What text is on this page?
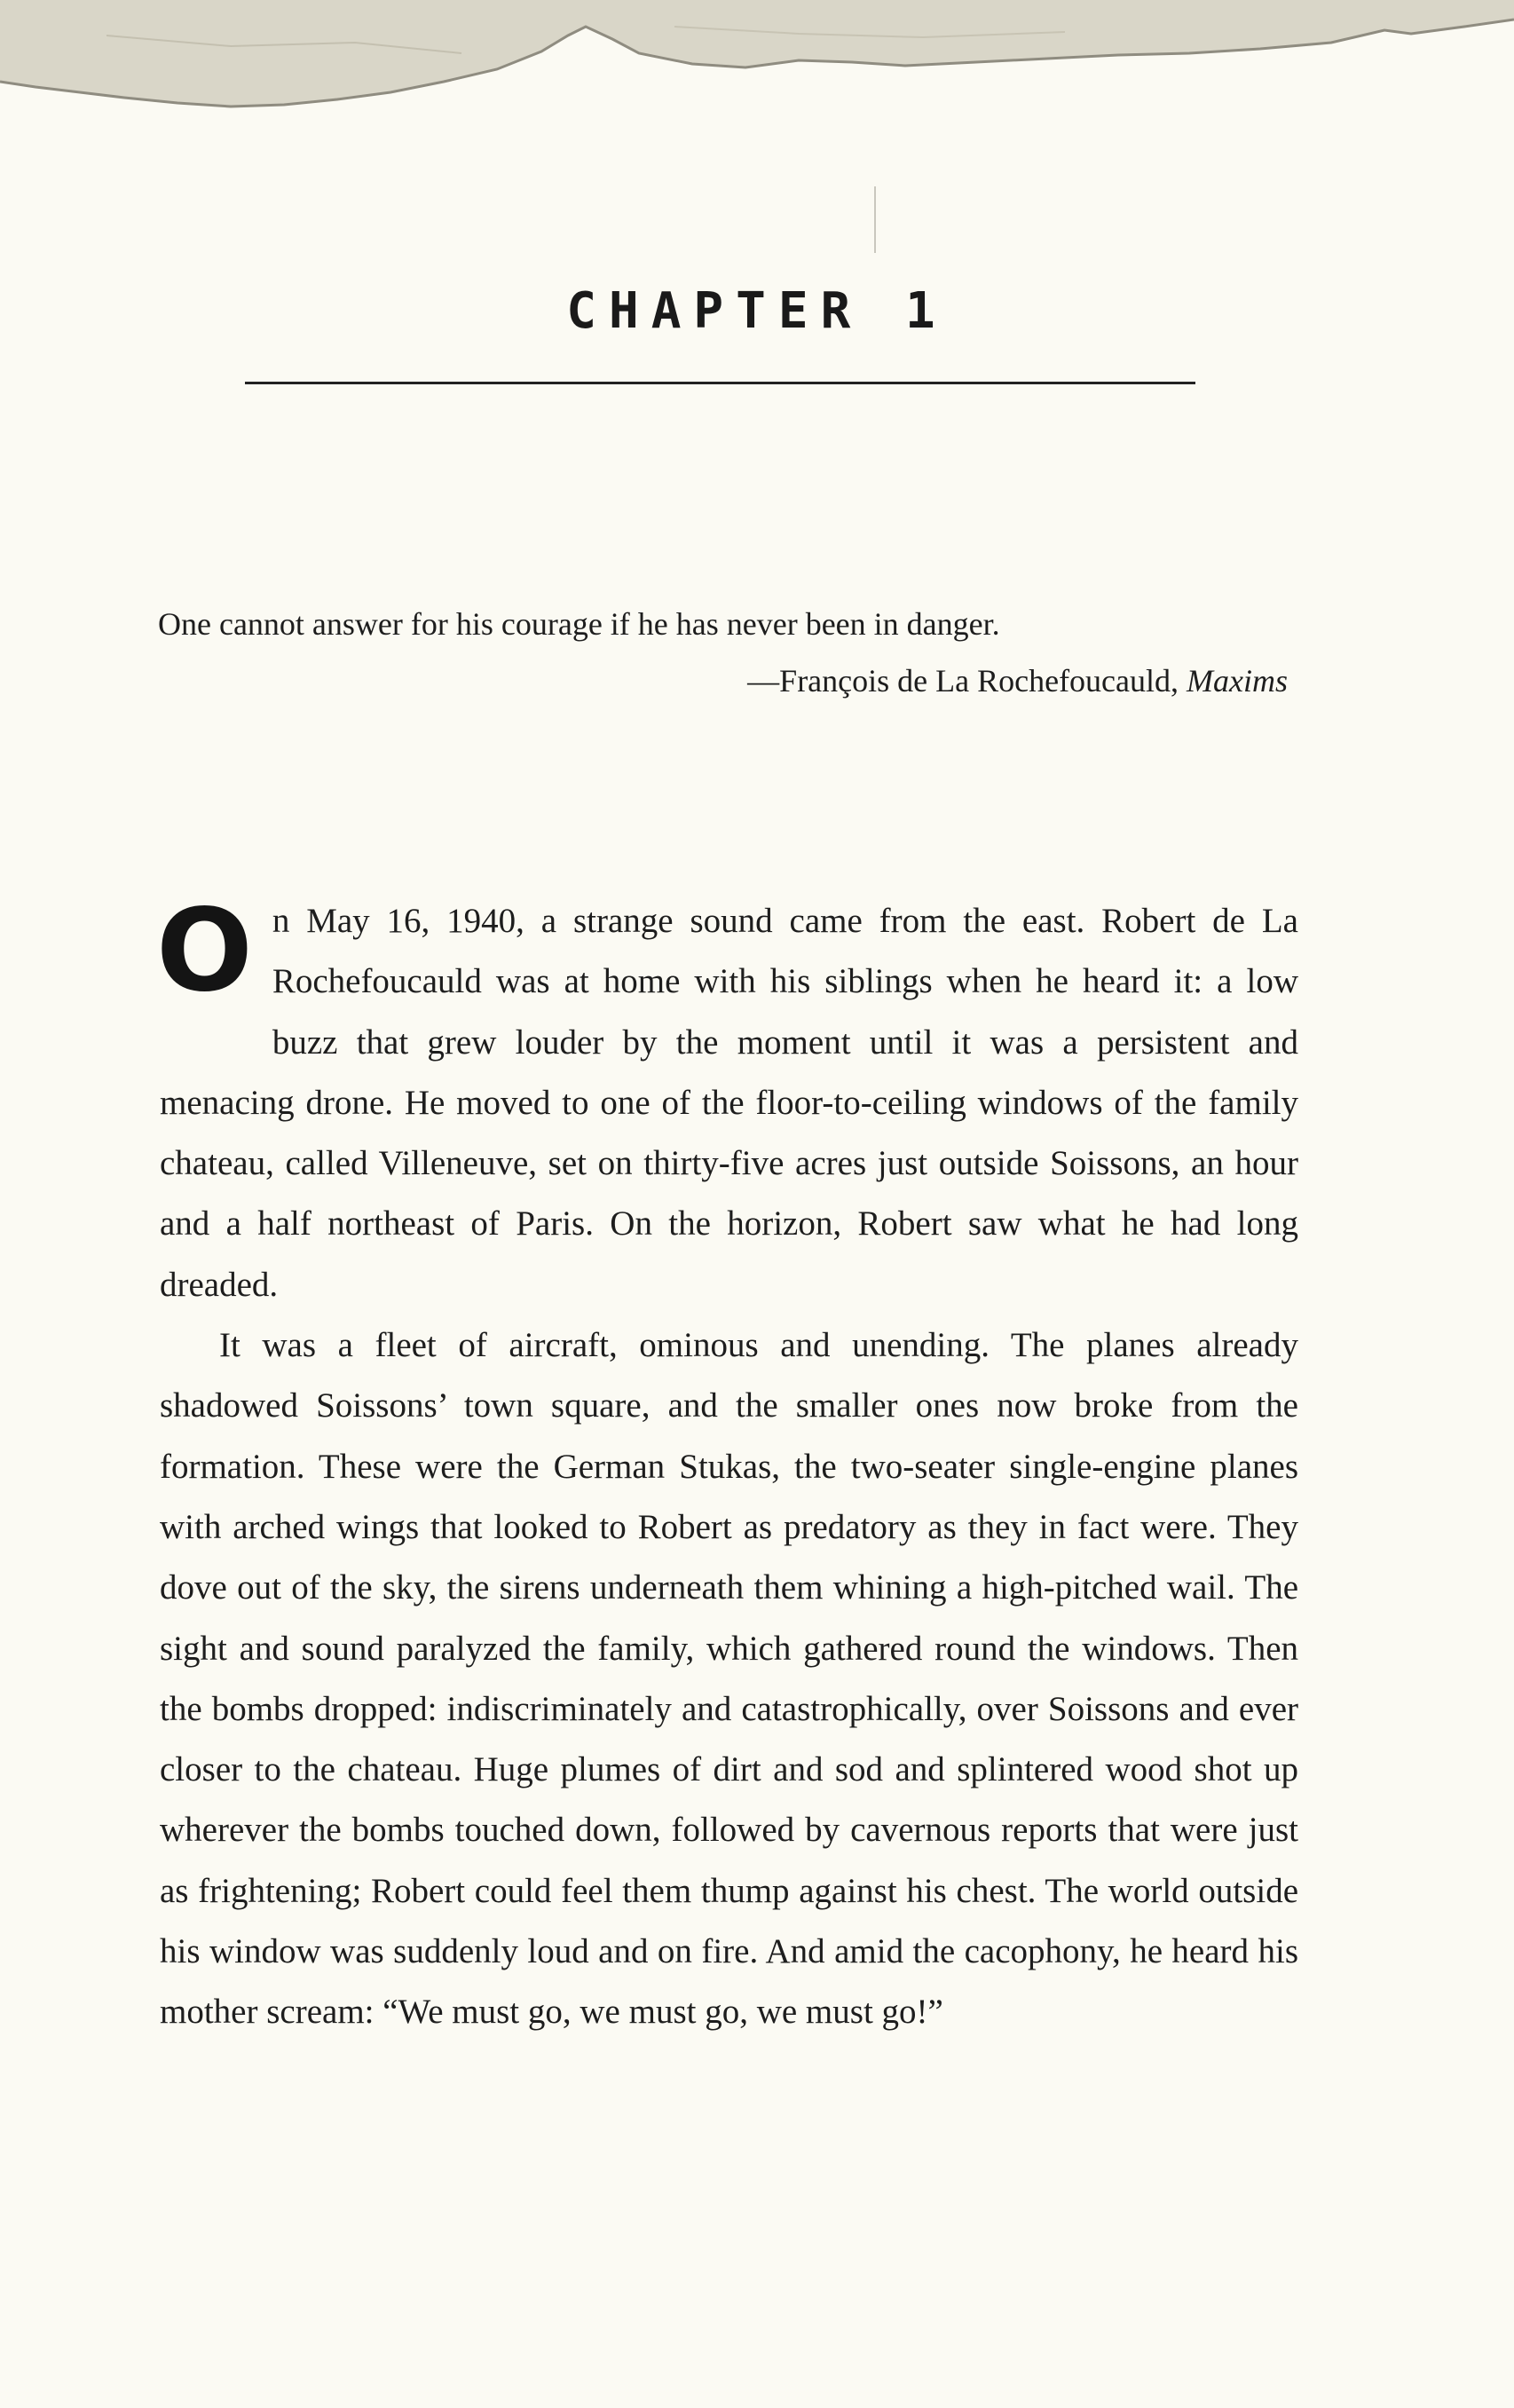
CHAPTER 1
One cannot answer for his courage if he has never been in danger.
—François de La Rochefoucauld, Maxims

On May 16, 1940, a strange sound came from the east. Robert de La Rochefoucauld was at home with his siblings when he heard it: a low buzz that grew louder by the moment until it was a persistent and menacing drone. He moved to one of the floor-to-ceiling windows of the family chateau, called Villeneuve, set on thirty-five acres just outside Soissons, an hour and a half northeast of Paris. On the horizon, Robert saw what he had long dreaded.

It was a fleet of aircraft, ominous and unending. The planes already shadowed Soissons’ town square, and the smaller ones now broke from the formation. These were the German Stukas, the two-seater single-engine planes with arched wings that looked to Robert as predatory as they in fact were. They dove out of the sky, the sirens underneath them whining a high-pitched wail. The sight and sound paralyzed the family, which gathered round the windows. Then the bombs dropped: indiscriminately and catastrophically, over Soissons and ever closer to the chateau. Huge plumes of dirt and sod and splintered wood shot up wherever the bombs touched down, followed by cavernous reports that were just as frightening; Robert could feel them thump against his chest. The world outside his window was suddenly loud and on fire. And amid the cacophony, he heard his mother scream: “We must go, we must go, we must go!”
